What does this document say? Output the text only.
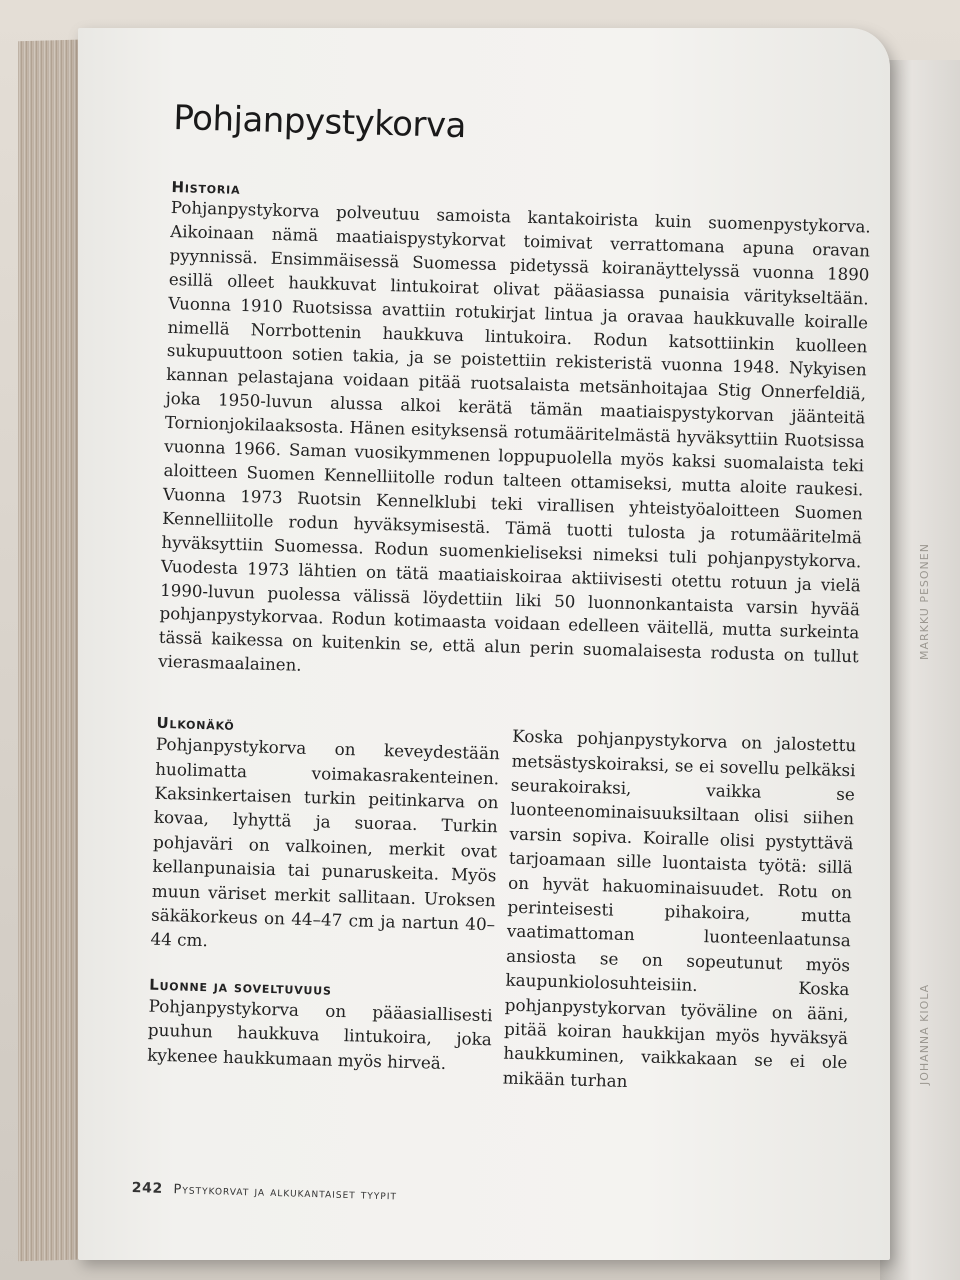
MARKKU PESONEN
JOHANNA KIOLA
Pohjanpystykorva
Historia

Pohjanpystykorva polveutuu samoista kantakoirista kuin suomenpystykorva. Aikoinaan nämä maatiaispystykorvat toimivat verrattomana apuna oravan pyynnissä. Ensimmäisessä Suomessa pidetyssä koiranäyttelyssä vuonna 1890 esillä olleet haukkuvat lintukoirat olivat pääasiassa punaisia väritykseltään. Vuonna 1910 Ruotsissa avattiin rotukirjat lintua ja oravaa haukkuvalle koiralle nimellä Norrbottenin haukkuva lintukoira. Rodun katsottiinkin kuolleen sukupuuttoon sotien takia, ja se poistettiin rekisteristä vuonna 1948. Nykyisen kannan pelastajana voidaan pitää ruotsalaista metsänhoitajaa Stig Onnerfeldiä, joka 1950-luvun alussa alkoi kerätä tämän maatiaispystykorvan jäänteitä Tornionjokilaaksosta. Hänen esityksensä rotumääritelmästä hyväksyttiin Ruotsissa vuonna 1966. Saman vuosikymmenen loppupuolella myös kaksi suomalaista teki aloitteen Suomen Kennelliitolle rodun talteen ottamiseksi, mutta aloite raukesi. Vuonna 1973 Ruotsin Kennelklubi teki virallisen yhteistyöaloitteen Suomen Kennelliitolle rodun hyväksymisestä. Tämä tuotti tulosta ja rotumääritelmä hyväksyttiin Suomessa. Rodun suomenkieliseksi nimeksi tuli pohjanpystykorva. Vuodesta 1973 lähtien on tätä maatiaiskoiraa aktiivisesti otettu rotuun ja vielä 1990-luvun puolessa välissä löydettiin liki 50 luonnonkantaista varsin hyvää pohjanpystykorvaa. Rodun kotimaasta voidaan edelleen väitellä, mutta surkeinta tässä kaikessa on kuitenkin se, että alun perin suomalaisesta rodusta on tullut vierasmaalainen.

Ulkonäkö

Pohjanpystykorva on keveydestään huolimatta voimakasrakenteinen. Kaksinkertaisen turkin peitinkarva on kovaa, lyhyttä ja suoraa. Turkin pohjaväri on valkoinen, merkit ovat kellanpunaisia tai punaruskeita. Myös muun väriset merkit sallitaan. Uroksen säkäkorkeus on 44–47 cm ja nartun 40–44 cm.

Luonne ja soveltuvuus

Pohjanpystykorva on pääasiallisesti puuhun haukkuva lintukoira, joka kykenee haukkumaan myös hirveä.

Koska pohjanpystykorva on jalostettu metsästyskoiraksi, se ei sovellu pelkäksi seurakoiraksi, vaikka se luonteenominaisuuksiltaan olisi siihen varsin sopiva. Koiralle olisi pystyttävä tarjoamaan sille luontaista työtä: sillä on hyvät hakuominaisuudet. Rotu on perinteisesti pihakoira, mutta vaatimattoman luonteenlaatunsa ansiosta se on sopeutunut myös kaupunkiolosuhteisiin. Koska pohjanpystykorvan työväline on ääni, pitää koiran haukkijan myös hyväksyä haukkuminen, vaikkakaan se ei ole mikään turhan

242 Pystykorvat ja alkukantaiset tyypit
